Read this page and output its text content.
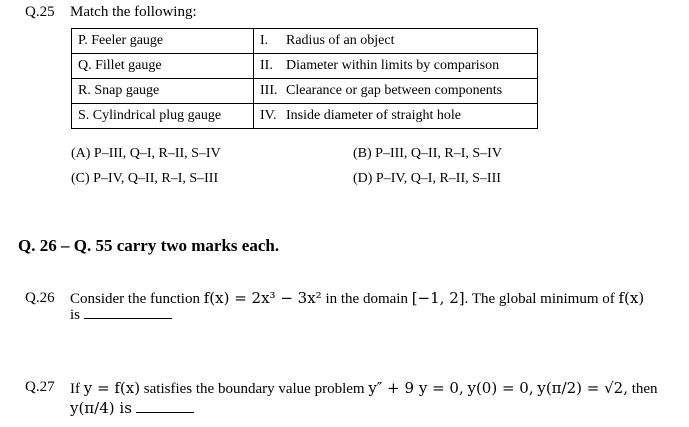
Q.25 Match the following:
P. Feeler gauge	I. Radius of an object
Q. Fillet gauge	II. Diameter within limits by comparison
R. Snap gauge	III. Clearance or gap between components
S. Cylindrical plug gauge	IV. Inside diameter of straight hole
(A) P–III, Q–I, R–II, S–IV	(B) P–III, Q–II, R–I, S–IV
(C) P–IV, Q–II, R–I, S–III	(D) P–IV, Q–I, R–II, S–III
Q. 26 – Q. 55 carry two marks each.
Q.26 Consider the function f(x) = 2x³ − 3x² in the domain [−1, 2]. The global minimum of f(x)
is
Q.27 If y = f(x) satisfies the boundary value problem y″ + 9 y = 0, y(0) = 0, y(π/2) = √2, then
y(π/4) is
